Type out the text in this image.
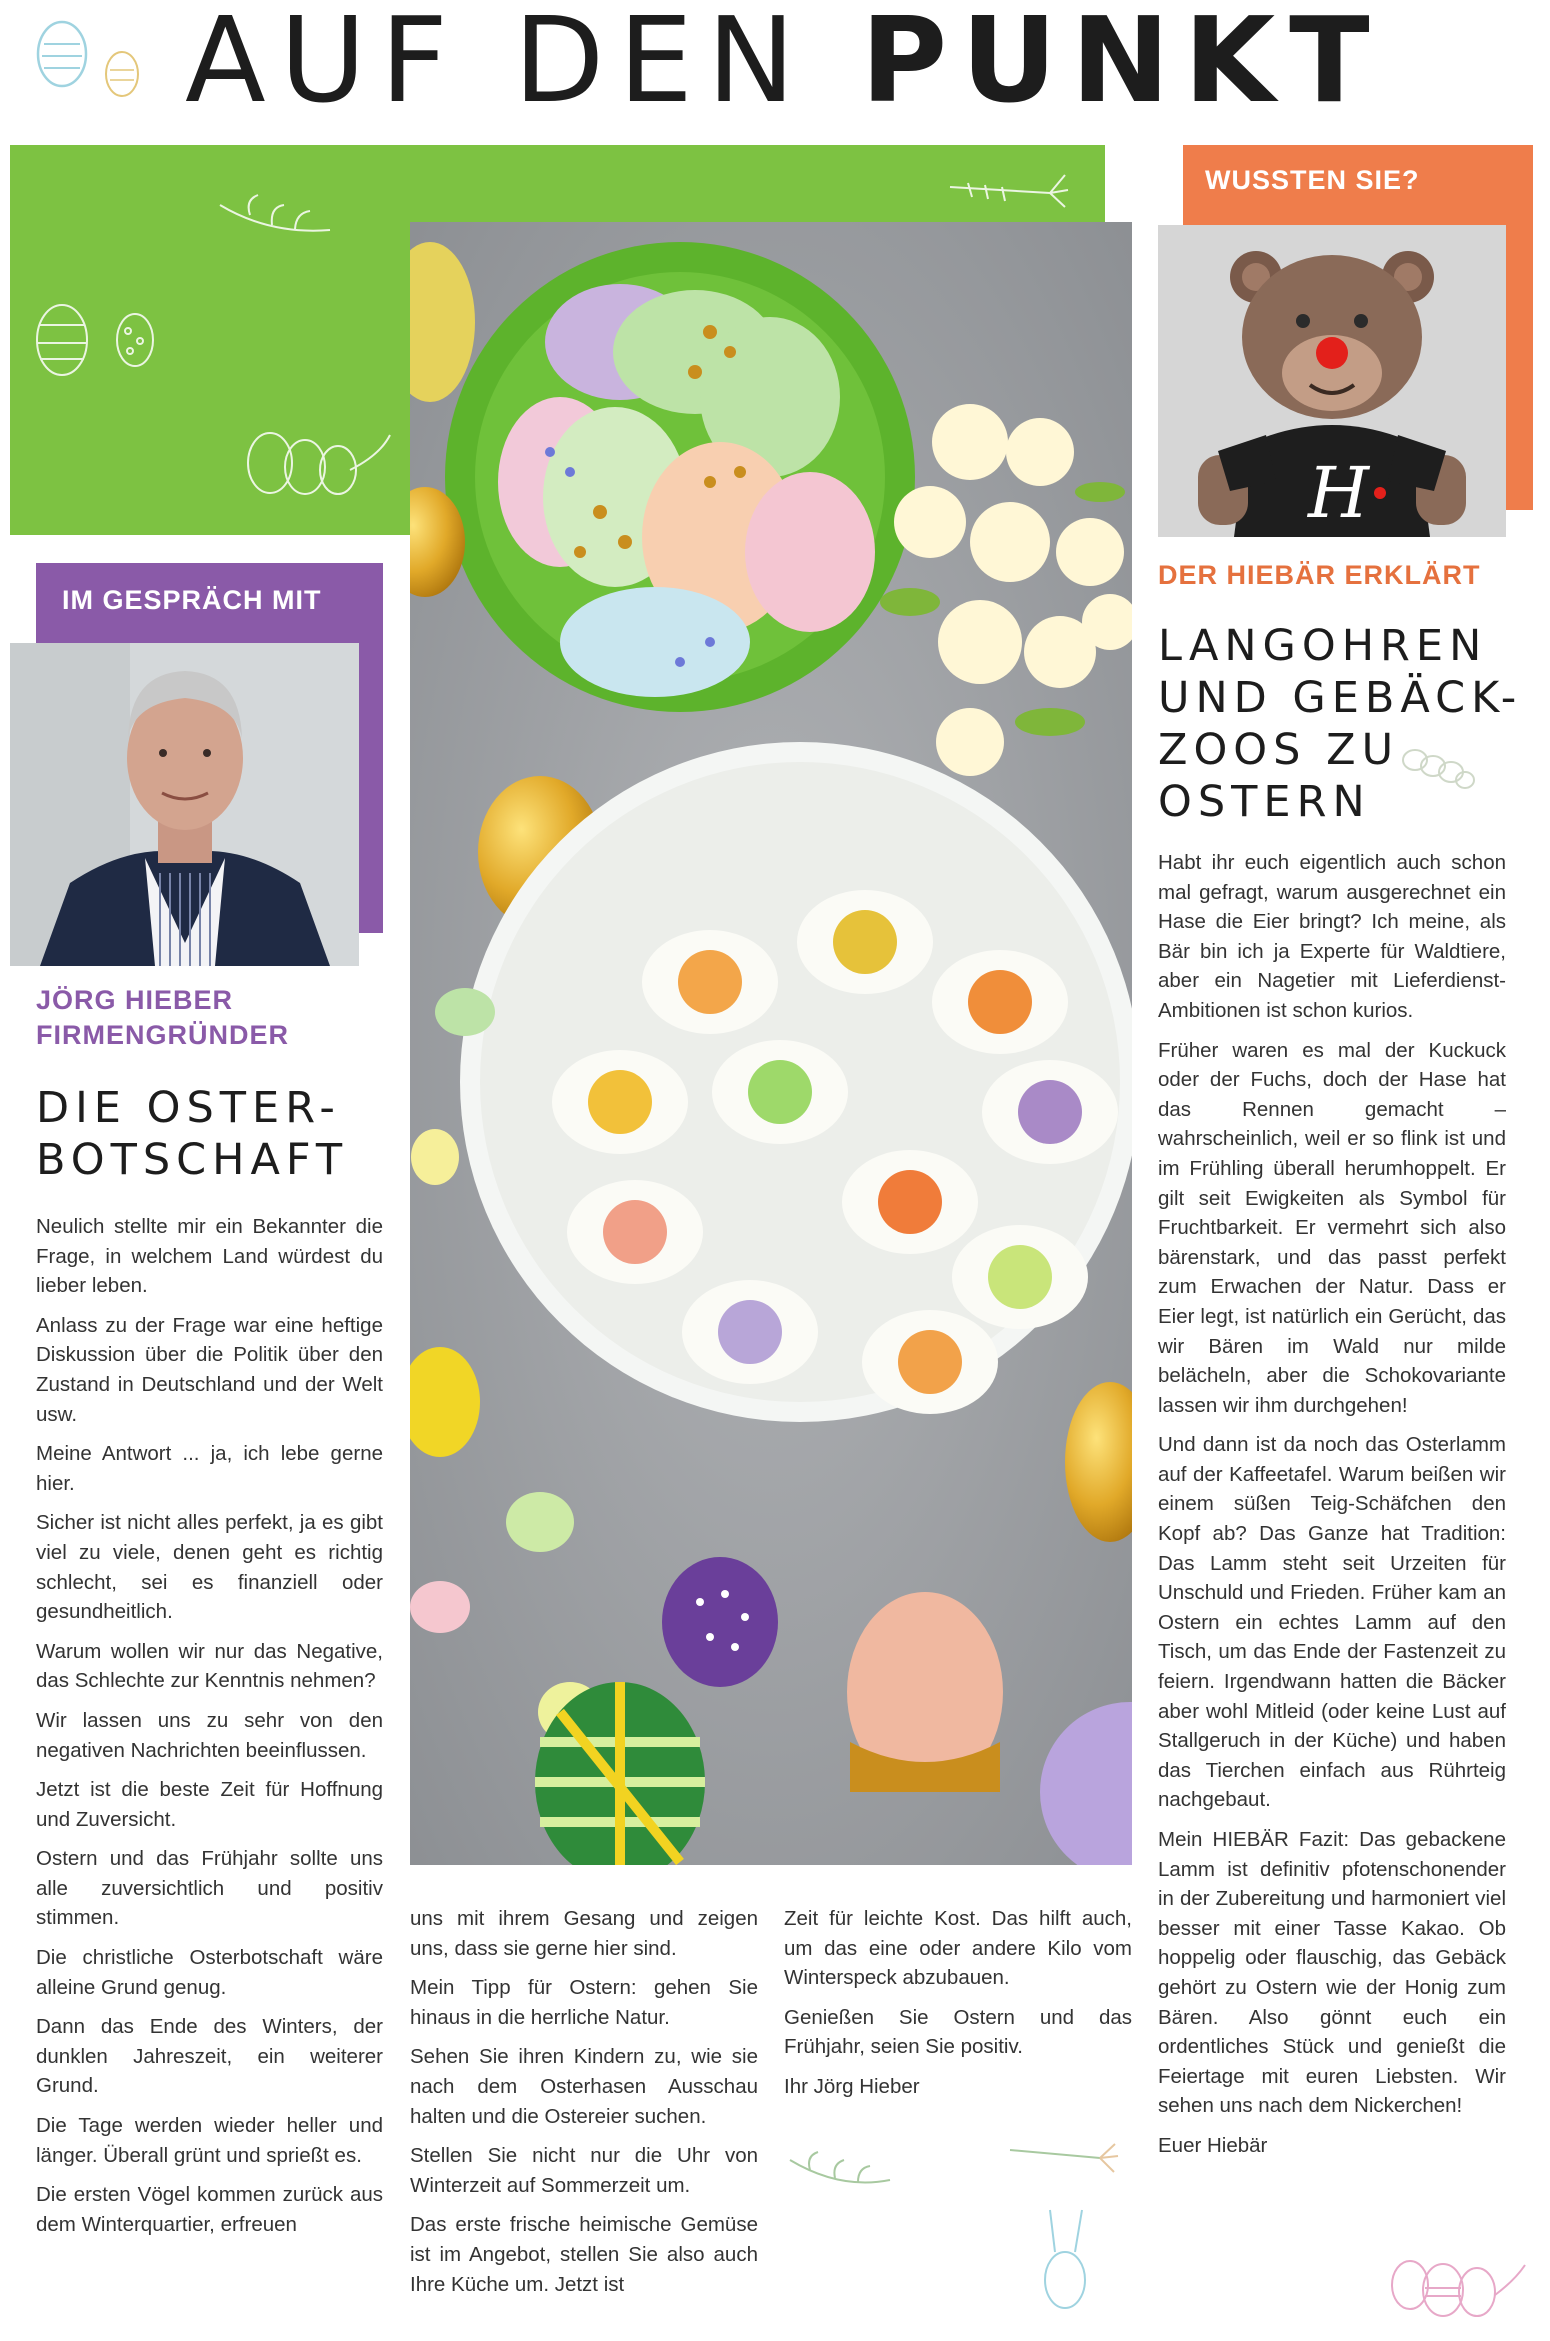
AUF DEN PUNKT
WUSSTEN SIE?
H
IM GESPRÄCH MIT
JÖRG HIEBER
FIRMENGRÜNDER
DIE OSTER-
BOTSCHAFT

Neulich stellte mir ein Bekannter die Frage, in welchem Land würdest du lieber leben.

Anlass zu der Frage war eine heftige Diskussion über die Politik über den Zustand in Deutschland und der Welt usw.

Meine Antwort ... ja, ich lebe gerne hier.

Sicher ist nicht alles perfekt, ja es gibt viel zu viele, denen geht es richtig schlecht, sei es finanziell oder gesundheitlich.

Warum wollen wir nur das Negative, das Schlechte zur Kenntnis nehmen?

Wir lassen uns zu sehr von den negativen Nachrichten beeinflussen.

Jetzt ist die beste Zeit für Hoffnung und Zuversicht.

Ostern und das Frühjahr sollte uns alle zuversichtlich und positiv stimmen.

Die christliche Osterbotschaft wäre alleine Grund genug.

Dann das Ende des Winters, der dunklen Jahreszeit, ein weiterer Grund.

Die Tage werden wieder heller und länger. Überall grünt und sprießt es.

Die ersten Vögel kommen zurück aus dem Winterquartier, erfreuen

uns mit ihrem Gesang und zeigen uns, dass sie gerne hier sind.

Mein Tipp für Ostern: gehen Sie hinaus in die herrliche Natur.

Sehen Sie ihren Kindern zu, wie sie nach dem Osterhasen Ausschau halten und die Ostereier suchen.

Stellen Sie nicht nur die Uhr von Winterzeit auf Sommerzeit um.

Das erste frische heimische Gemüse ist im Angebot, stellen Sie also auch Ihre Küche um. Jetzt ist

Zeit für leichte Kost. Das hilft auch, um das eine oder andere Kilo vom Winterspeck abzubauen.

Genießen Sie Ostern und das Frühjahr, seien Sie positiv.

Ihr Jörg Hieber

DER HIEBÄR ERKLÄRT
LANGOHREN
UND GEBÄCK-
ZOOS ZU
OSTERN

Habt ihr euch eigentlich auch schon mal gefragt, warum ausgerechnet ein Hase die Eier bringt? Ich meine, als Bär bin ich ja Experte für Waldtiere, aber ein Nagetier mit Lieferdienst-Ambitionen ist schon kurios.

Früher waren es mal der Kuckuck oder der Fuchs, doch der Hase hat das Rennen gemacht – wahrscheinlich, weil er so flink ist und im Frühling überall herumhoppelt. Er gilt seit Ewigkeiten als Symbol für Fruchtbarkeit. Er vermehrt sich also bärenstark, und das passt perfekt zum Erwachen der Natur. Dass er Eier legt, ist natürlich ein Gerücht, das wir Bären im Wald nur milde belächeln, aber die Schokovariante lassen wir ihm durchgehen!

Und dann ist da noch das Osterlamm auf der Kaffeetafel. Warum beißen wir einem süßen Teig-Schäfchen den Kopf ab? Das Ganze hat Tradition: Das Lamm steht seit Urzeiten für Unschuld und Frieden. Früher kam an Ostern ein echtes Lamm auf den Tisch, um das Ende der Fastenzeit zu feiern. Irgendwann hatten die Bäcker aber wohl Mitleid (oder keine Lust auf Stallgeruch in der Küche) und haben das Tierchen einfach aus Rührteig nachgebaut.

Mein HIEBÄR Fazit: Das gebackene Lamm ist definitiv pfotenschonender in der Zubereitung und harmoniert viel besser mit einer Tasse Kakao. Ob hoppelig oder flauschig, das Gebäck gehört zu Ostern wie der Honig zum Bären. Also gönnt euch ein ordentliches Stück und genießt die Feiertage mit euren Liebsten. Wir sehen uns nach dem Nickerchen!

Euer Hiebär
